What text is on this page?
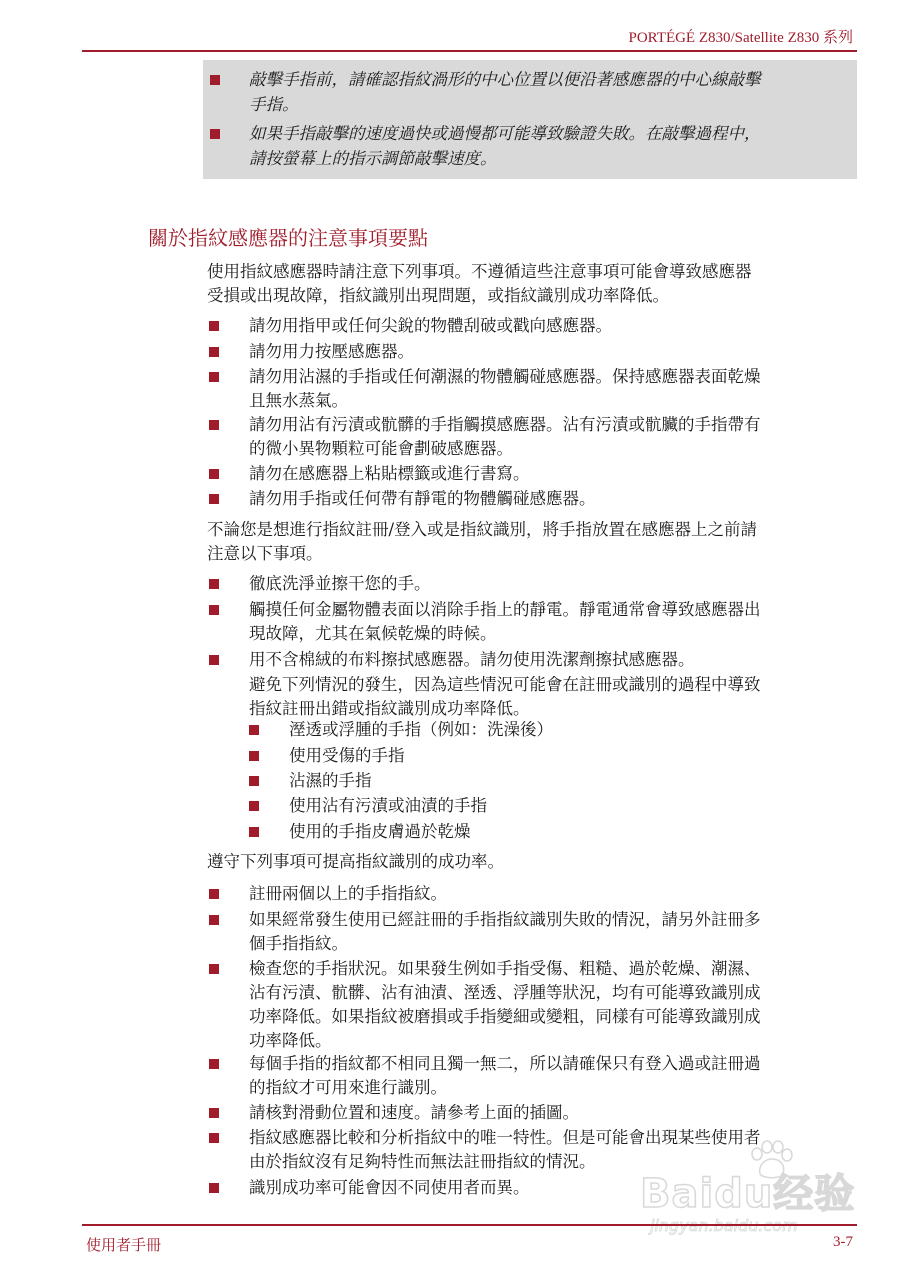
PORTÉGÉ Z830/Satellite Z830 系列
敲擊手指前，請確認指紋渦形的中心位置以便沿著感應器的中心線敲擊
手指。
如果手指敲擊的速度過快或過慢都可能導致驗證失敗。在敲擊過程中，
請按螢幕上的指示調節敲擊速度。
關於指紋感應器的注意事項要點
使用指紋感應器時請注意下列事項。不遵循這些注意事項可能會導致感應器
受損或出現故障，指紋識別出現問題，或指紋識別成功率降低。
請勿用指甲或任何尖銳的物體刮破或戳向感應器。
請勿用力按壓感應器。
請勿用沾濕的手指或任何潮濕的物體觸碰感應器。保持感應器表面乾燥
且無水蒸氣。
請勿用沾有污漬或骯髒的手指觸摸感應器。沾有污漬或骯臟的手指帶有
的微小異物顆粒可能會劃破感應器。
請勿在感應器上粘貼標籤或進行書寫。
請勿用手指或任何帶有靜電的物體觸碰感應器。
不論您是想進行指紋註冊/登入或是指紋識別，將手指放置在感應器上之前請
注意以下事項。
徹底洗淨並擦干您的手。
觸摸任何金屬物體表面以消除手指上的靜電。靜電通常會導致感應器出
現故障，尤其在氣候乾燥的時候。
用不含棉絨的布料擦拭感應器。請勿使用洗潔劑擦拭感應器。
避免下列情況的發生，因為這些情況可能會在註冊或識別的過程中導致
指紋註冊出錯或指紋識別成功率降低。
溼透或浮腫的手指（例如：洗澡後）
使用受傷的手指
沾濕的手指
使用沾有污漬或油漬的手指
使用的手指皮膚過於乾燥
遵守下列事項可提高指紋識別的成功率。
註冊兩個以上的手指指紋。
如果經常發生使用已經註冊的手指指紋識別失敗的情況，請另外註冊多
個手指指紋。
檢查您的手指狀況。如果發生例如手指受傷、粗糙、過於乾燥、潮濕、
沾有污漬、骯髒、沾有油漬、溼透、浮腫等狀況，均有可能導致識別成
功率降低。如果指紋被磨損或手指變細或變粗，同樣有可能導致識別成
功率降低。
每個手指的指紋都不相同且獨一無二，所以請確保只有登入過或註冊過
的指紋才可用來進行識別。
請核對滑動位置和速度。請參考上面的插圖。
指紋感應器比較和分析指紋中的唯一特性。但是可能會出現某些使用者
由於指紋沒有足夠特性而無法註冊指紋的情況。
識別成功率可能會因不同使用者而異。	Baidu经验
jingyan.baidu.com
使用者手冊	3-7
